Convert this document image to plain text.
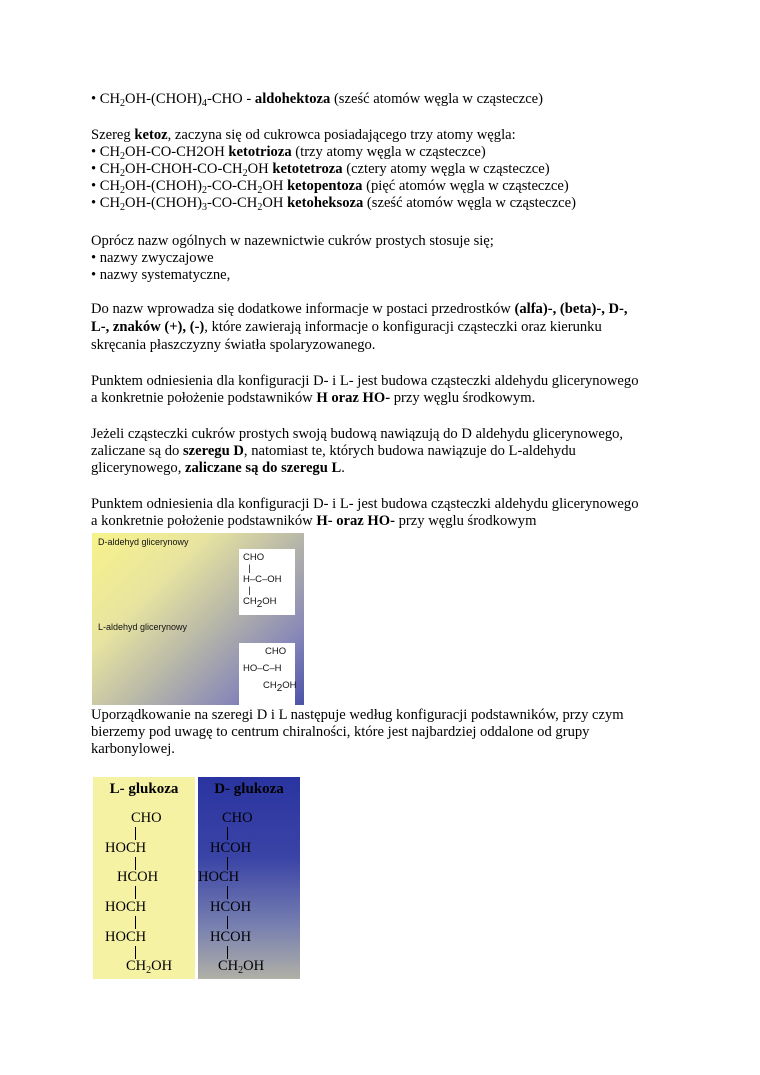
• $CH_2OH-(CHOH)_4$-CHO - aldohektoza (sześć atomów węgla w cząsteczce)

Szereg ketoz, zaczyna się od cukrowca posiadającego trzy atomy węgla:

• $CH_2OH-CO-CH2OH$ ketotrioza (trzy atomy węgla w cząsteczce)

• $CH_2OH-CHOH-CO-CH_2OH$ ketotetroza (cztery atomy węgla w cząsteczce)

• $CH_2OH-(CHOH)_2-CO-CH_2OH$ ketopentoza (pięć atomów węgla w cząsteczce)

• $CH_2OH-(CHOH)_3-CO-CH_2OH$ ketoheksoza (sześć atomów węgla w cząsteczce)

Oprócz nazw ogólnych w nazewnictwie cukrów prostych stosuje się;

• nazwy zwyczajowe

• nazwy systematyczne,

Do nazw wprowadza się dodatkowe informacje w postaci przedrostków (alfa)-, (beta)-, D-,

L-, znaków (+), (-), które zawierają informacje o konfiguracji cząsteczki oraz kierunku

skręcania płaszczyzny światła spolaryzowanego.

Punktem odniesienia dla konfiguracji D- i L- jest budowa cząsteczki aldehydu glicerynowego

a konkretnie położenie podstawników H oraz HO- przy węglu środkowym.

Jeżeli cząsteczki cukrów prostych swoją budową nawiązują do D aldehydu glicerynowego,

zaliczane są do szeregu D, natomiast te, których budowa nawiązuje do L-aldehydu

glicerynowego, zaliczane są do szeregu L.

Punktem odniesienia dla konfiguracji D- i L- jest budowa cząsteczki aldehydu glicerynowego

a konkretnie położenie podstawników H- oraz HO- przy węglu środkowym

D-aldehyd glicerynowy
CHO
|
H–C–OH
|
$CH_2OH$
L-aldehyd glicerynowy
CHO
HO–C–H
$CH_2OH$

Uporządkowanie na szeregi D i L następuje według konfiguracji podstawników, przy czym

bierzemy pod uwagę to centrum chiralności, które jest najbardziej oddalone od grupy

karbonylowej.

L- glukoza
CHO
HOCH
HCOH
HOCH
HOCH
$CH_2OH$
D- glukoza
CHO
HCOH
HOCH
HCOH
HCOH
$CH_2OH$
